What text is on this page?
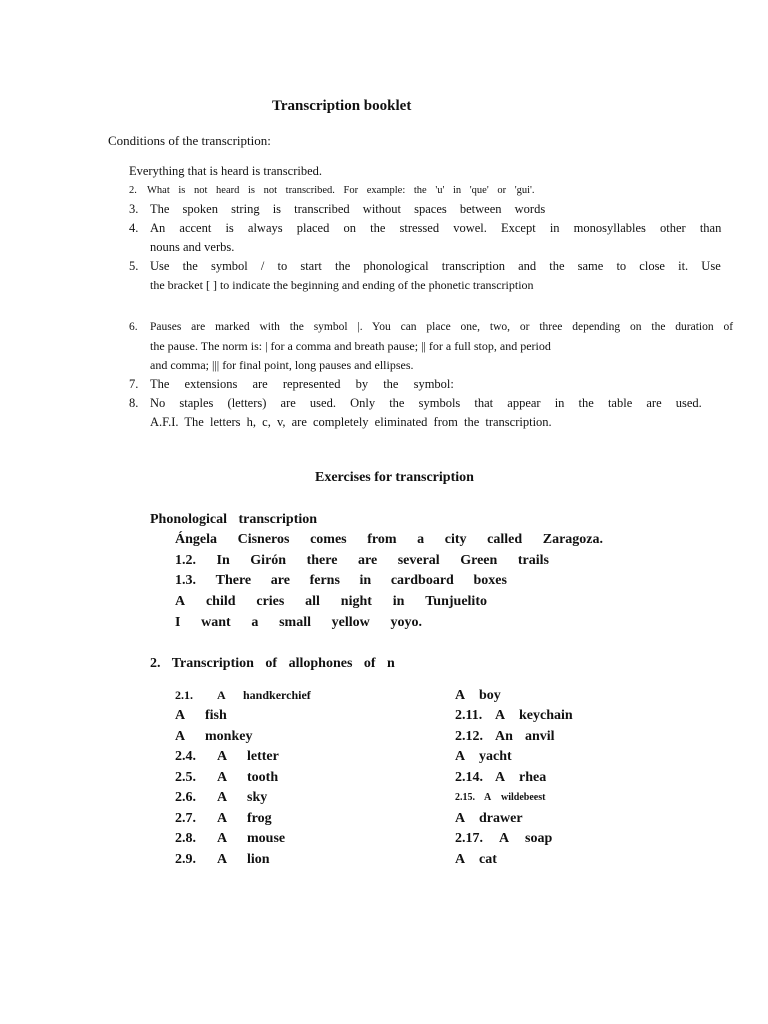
Transcription booklet
Conditions of the transcription:
Everything that is heard is transcribed.
2. What is not heard is not transcribed. For example: the 'u' in 'que' or 'gui'.
3. The spoken string is transcribed without spaces between words
4. An accent is always placed on the stressed vowel. Except in monosyllables other than
nouns and verbs.
5. Use the symbol / to start the phonological transcription and the same to close it. Use
the bracket [ ] to indicate the beginning and ending of the phonetic transcription
6. Pauses are marked with the symbol |. You can place one, two, or three depending on the duration of
the pause. The norm is: | for a comma and breath pause; || for a full stop, and period
and comma; ||| for final point, long pauses and ellipses.
7. The extensions are represented by the symbol:
8. No staples (letters) are used. Only the symbols that appear in the table are used.
A.F.I. The letters h, c, v, are completely eliminated from the transcription.
Exercises for transcription
Phonological transcription
Ángela Cisneros comes from a city called Zaragoza.
1.2. In Girón there are several Green trails
1.3. There are ferns in cardboard boxes
A child cries all night in Tunjuelito
I want a small yellow yoyo.
2. Transcription of allophones of n
2.1. A handkerchief
A fish
A monkey
2.4. A letter
2.5. A tooth
2.6. A sky
2.7. A frog
2.8. A mouse
2.9. A lion
A boy
2.11. A keychain
2.12. An anvil
A yacht
2.14. A rhea
2.15. A wildebeest
A drawer
2.17. A soap
A cat
